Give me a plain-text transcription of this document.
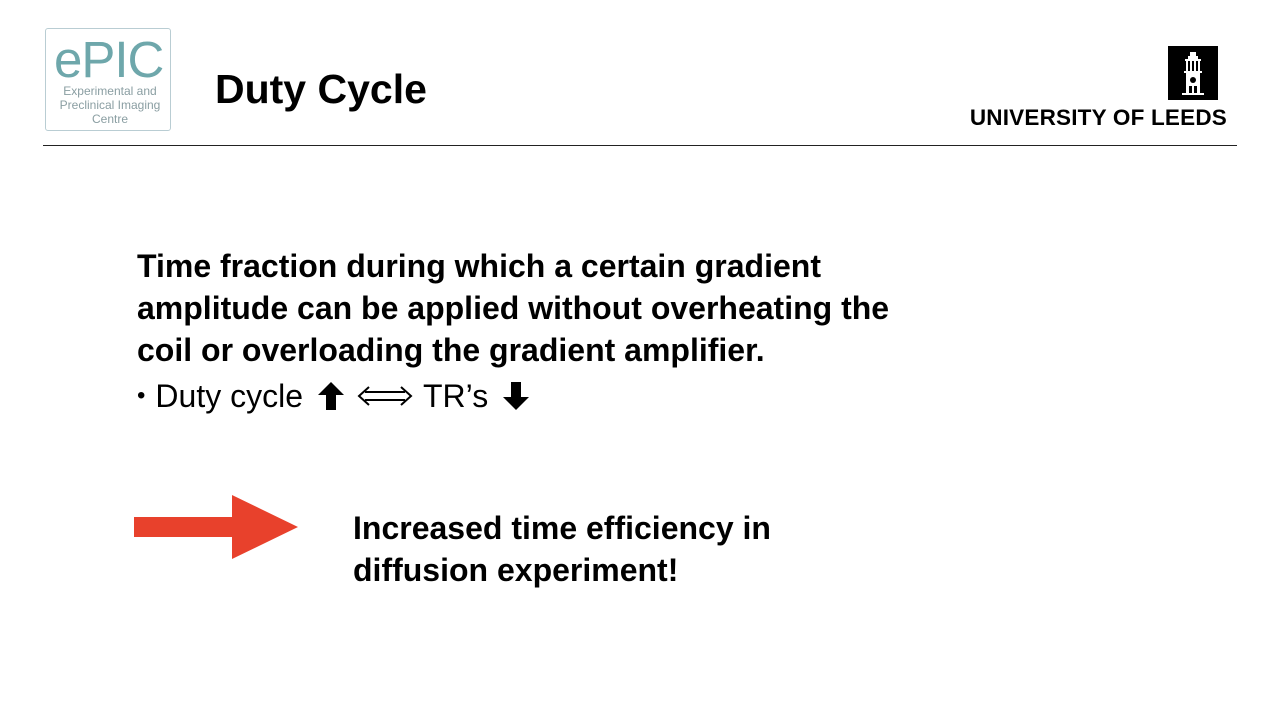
ePIC
Experimental and
Preclinical Imaging
Centre
Duty Cycle
UNIVERSITY OF LEEDS

Time fraction during which a certain gradient
amplitude can be applied without overheating the
coil or overloading the gradient amplifier.

• Duty cycle	TR’s

Increased time efficiency in
diffusion experiment!
